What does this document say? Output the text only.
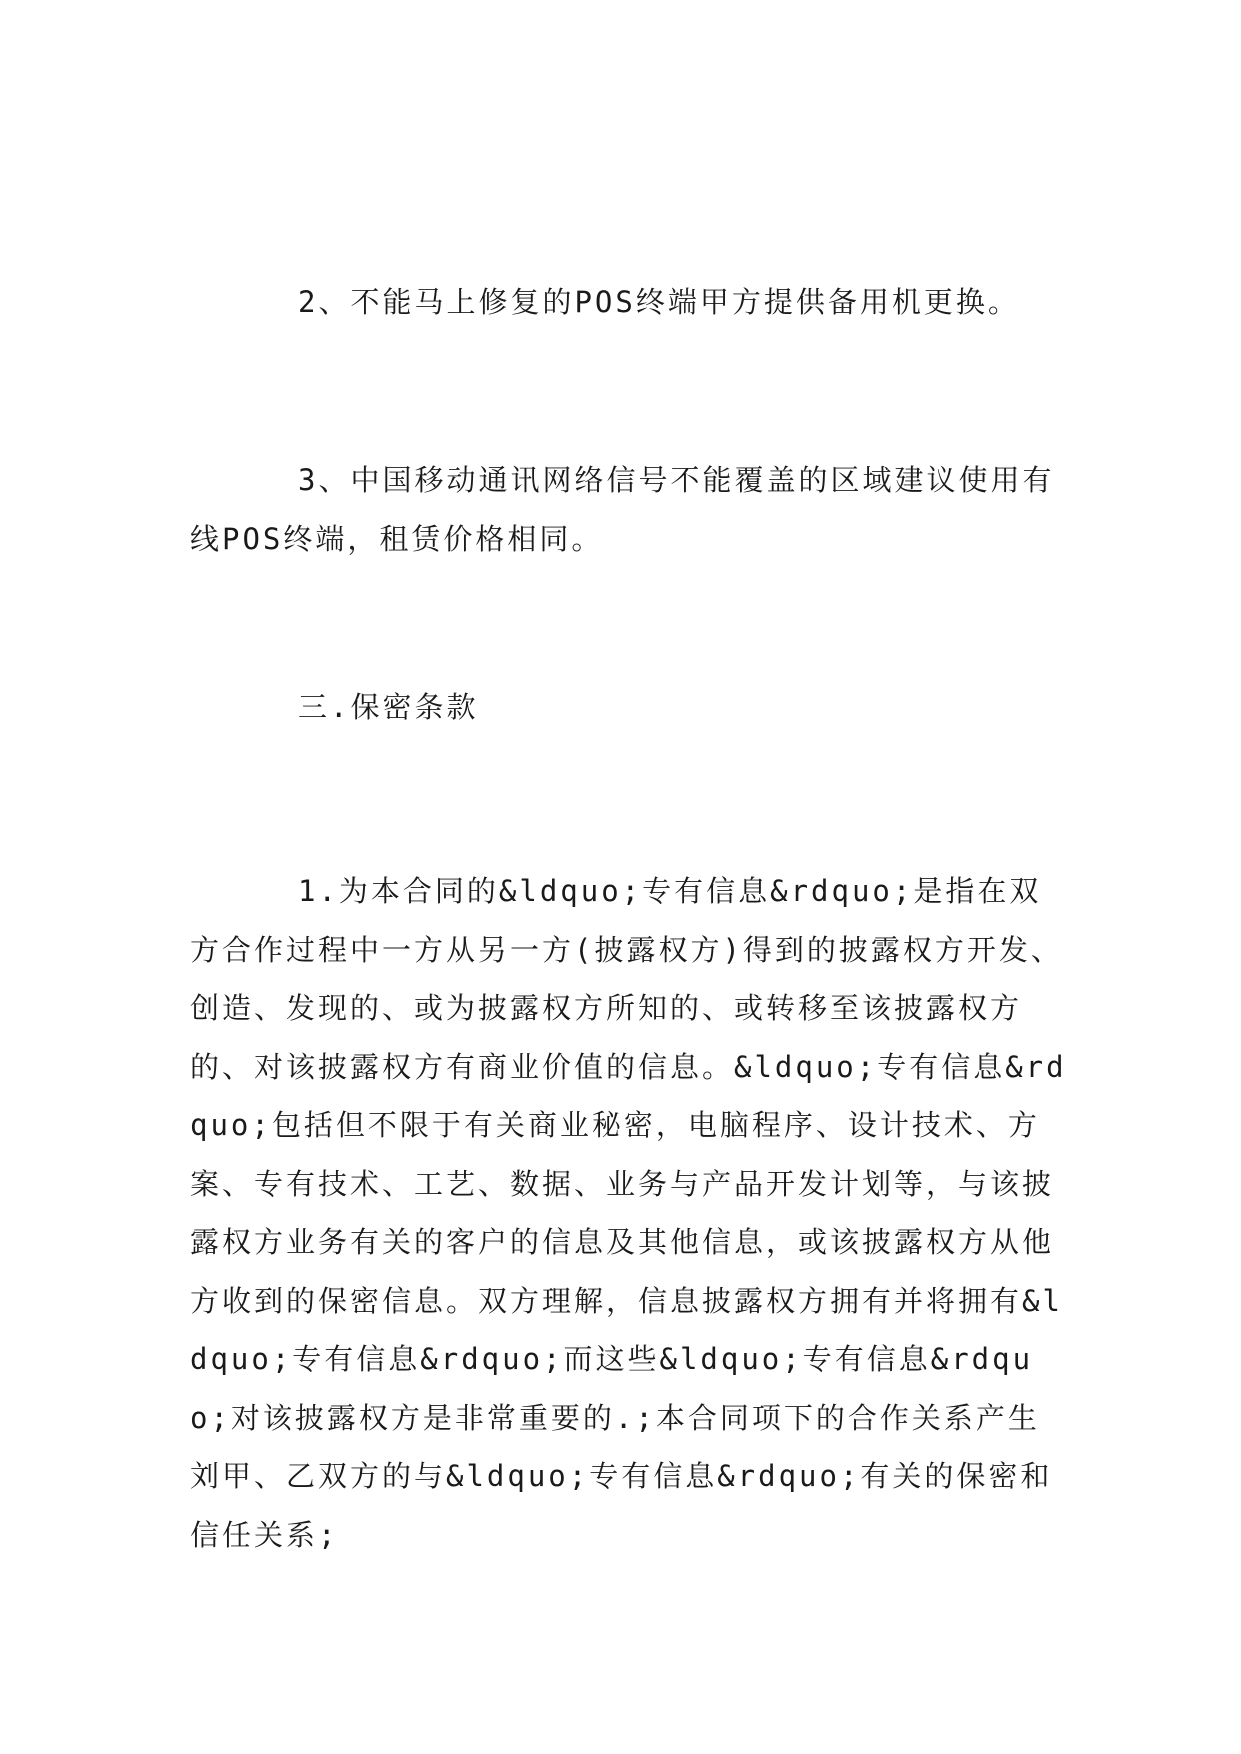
2、不能马上修复的POS终端甲方提供备用机更换。

3、中国移动通讯网络信号不能覆盖的区域建议使用有线POS终端，租赁价格相同。

三.保密条款

1.为本合同的&ldquo;专有信息&rdquo;是指在双方合作过程中一方从另一方(披露权方)得到的披露权方开发、创造、发现的、或为披露权方所知的、或转移至该披露权方的、对该披露权方有商业价值的信息。&ldquo;专有信息&rdquo;包括但不限于有关商业秘密，电脑程序、设计技术、方案、专有技术、工艺、数据、业务与产品开发计划等，与该披露权方业务有关的客户的信息及其他信息，或该披露权方从他方收到的保密信息。双方理解，信息披露权方拥有并将拥有&ldquo;专有信息&rdquo;而这些&ldquo;专有信息&rdquo;对该披露权方是非常重要的.;本合同项下的合作关系产生刘甲、乙双方的与&ldquo;专有信息&rdquo;有关的保密和信任关系;
